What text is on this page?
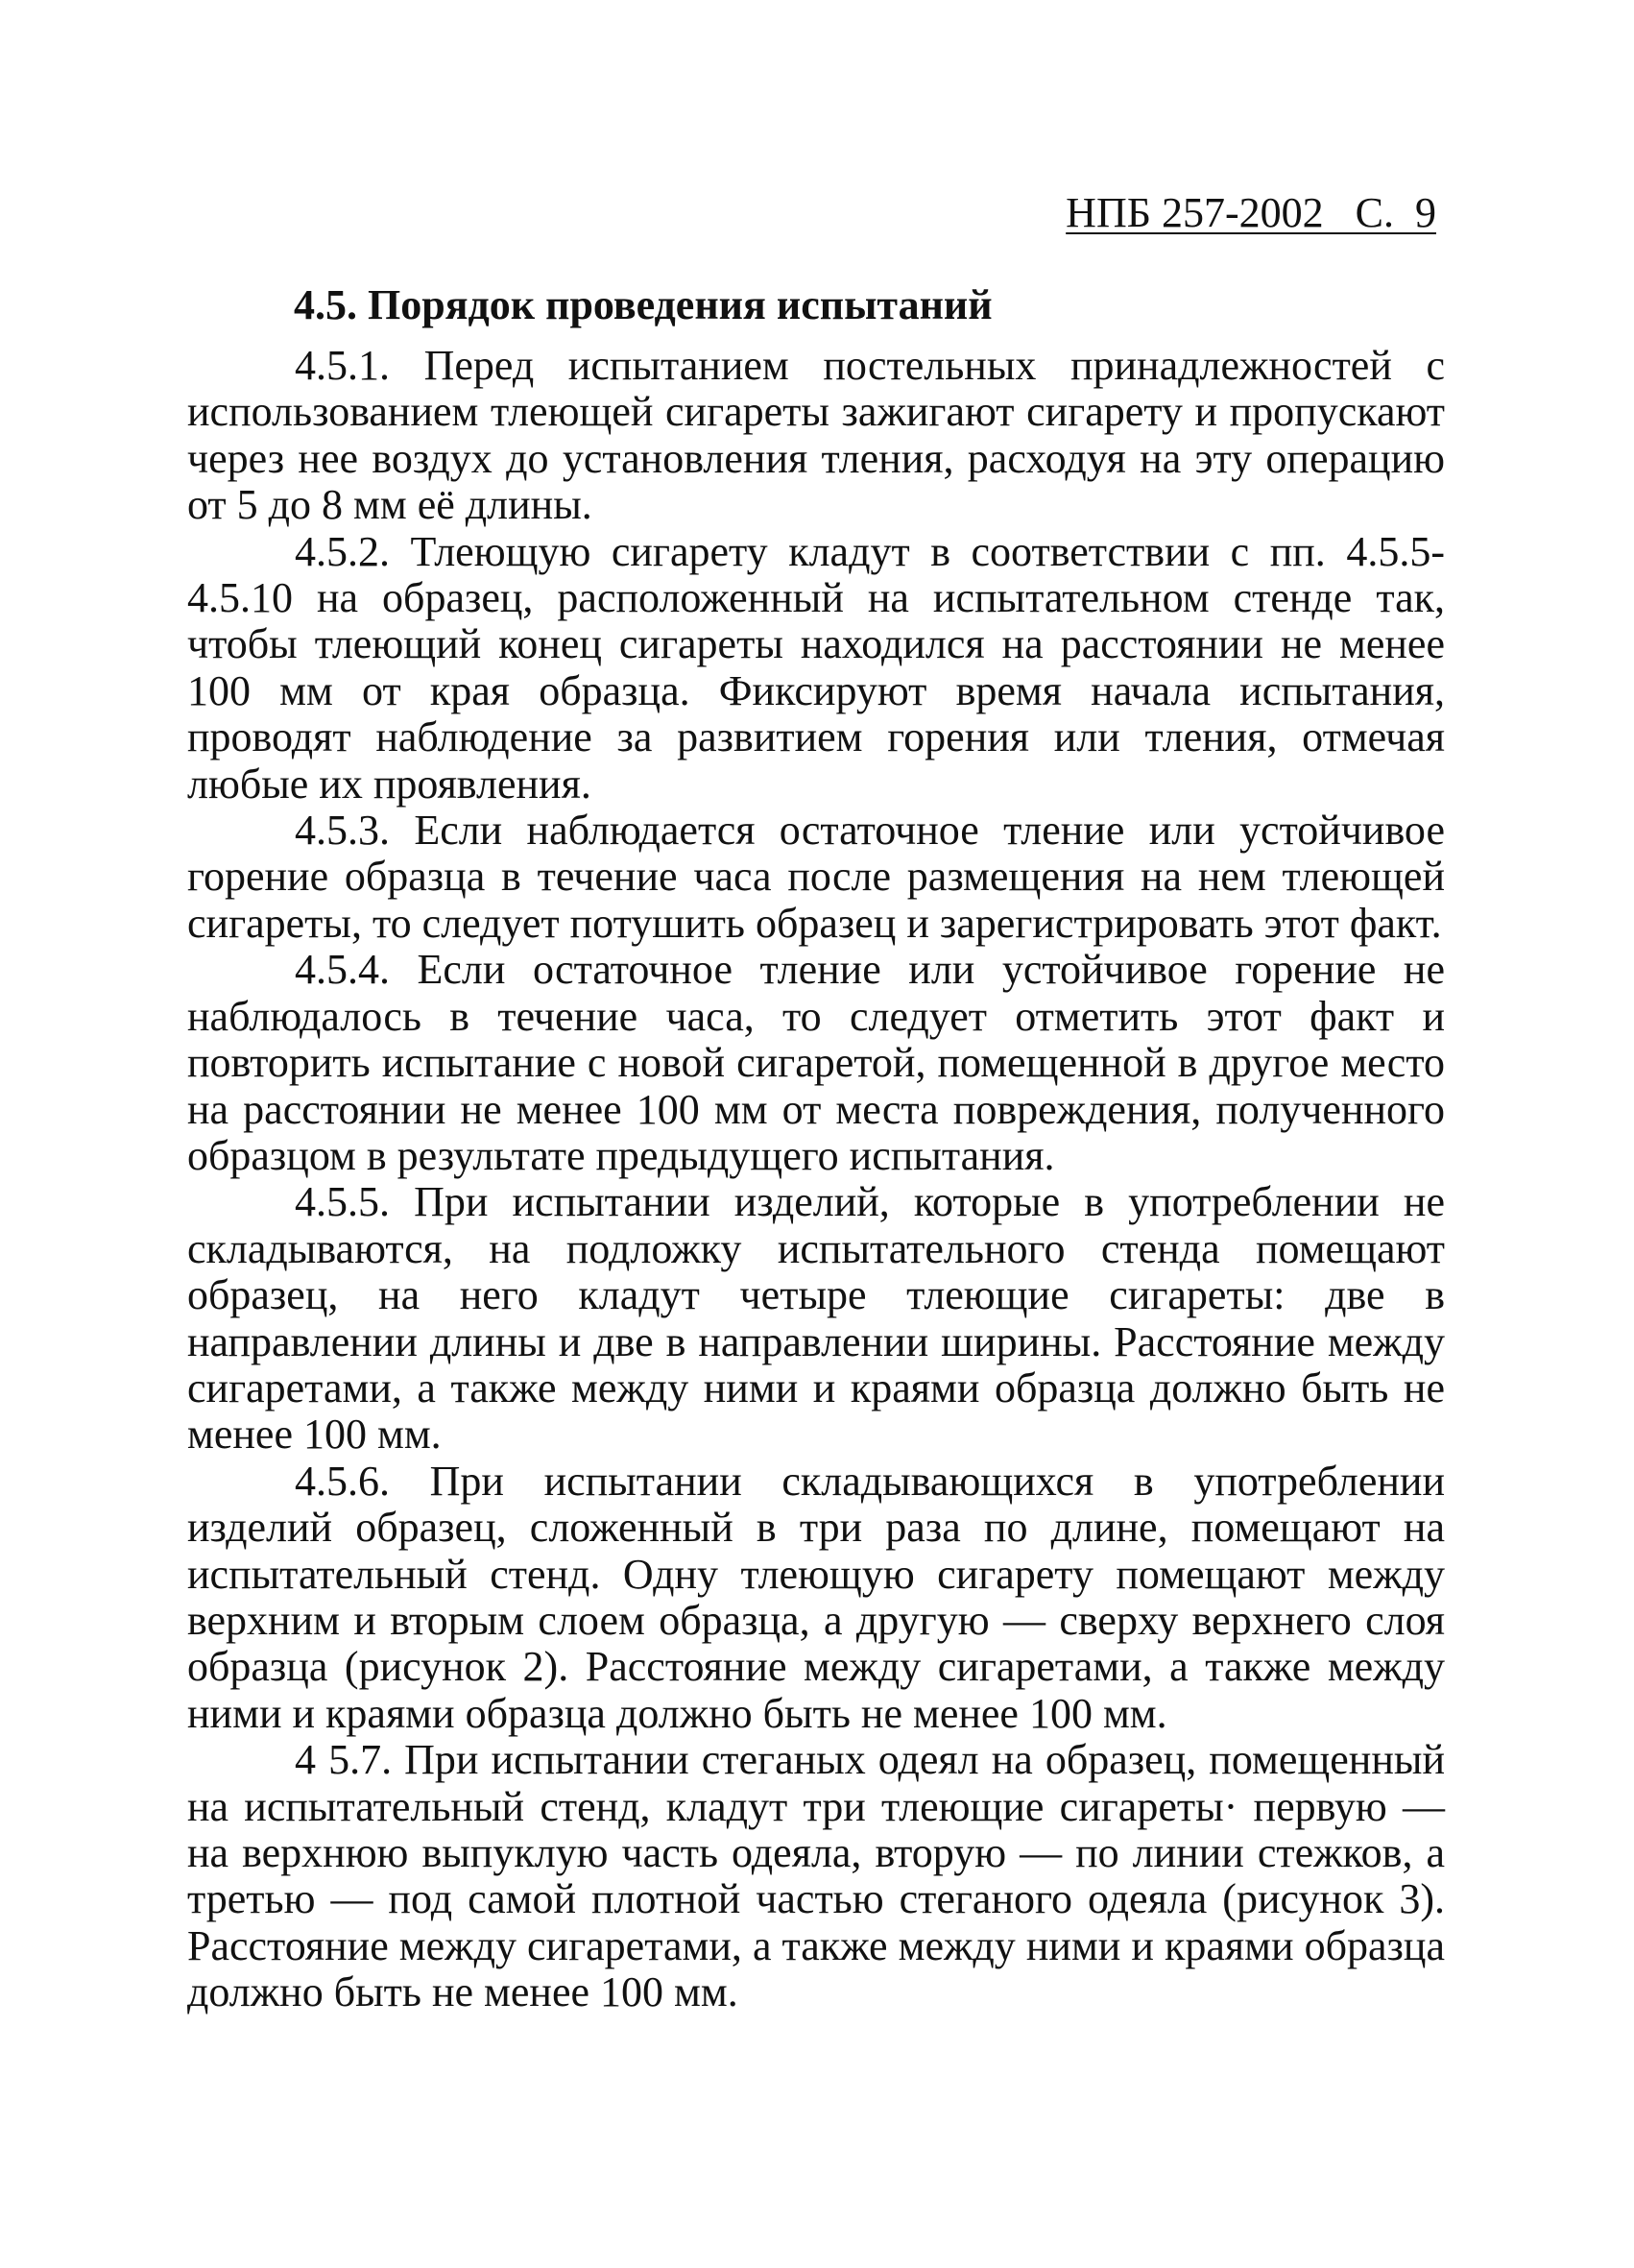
НПБ 257-2002   С.  9
4.5. Порядок проведения испытаний

4.5.1. Перед испытанием постельных принадлежностей с использованием тлеющей сигареты зажигают сигарету и пропускают через нее воздух до установления тления, расходуя на эту операцию от 5 до 8 мм её длины.

4.5.2. Тлеющую сигарету кладут в соответствии с пп. 4.5.5-4.5.10 на образец, расположенный на испытательном стенде так, чтобы тлеющий конец сигареты находился на расстоянии не менее 100 мм от края образца. Фиксируют время начала испытания, проводят наблюдение за развитием горения или тления, отмечая любые их проявления.

4.5.3. Если наблюдается остаточное тление или устойчивое горение образца в течение часа после размещения на нем тлеющей сигареты, то следует потушить образец и зарегистрировать этот факт.

4.5.4. Если остаточное тление или устойчивое горение не наблюдалось в течение часа, то следует отметить этот факт и повторить испытание с новой сигаретой, помещенной в другое место на расстоянии не менее 100 мм от места повреждения, полученного образцом в результате предыдущего испытания.

4.5.5. При испытании изделий, которые в употреблении не складываются, на подложку испытательного стенда помещают образец, на него кладут четыре тлеющие сигареты: две в направлении длины и две в направлении ширины. Расстояние между сигаретами, а также между ними и краями образца должно быть не менее 100 мм.

4.5.6. При испытании складывающихся в употреблении изделий образец, сложенный в три раза по длине, помещают на испытательный стенд. Одну тлеющую сигарету помещают между верхним и вторым слоем образца, а другую — сверху верхнего слоя образца (рисунок 2). Расстояние между сигаретами, а также между ними и краями образца должно быть не менее 100 мм.

4 5.7. При испытании стеганых одеял на образец, помещенный на испытательный стенд, кладут три тлеющие сигареты· первую — на верхнюю выпуклую часть одеяла, вторую — по линии стежков, а третью — под самой плотной частью стеганого одеяла (рисунок 3). Расстояние между сигаретами, а также между ними и краями образца должно быть не менее 100 мм.
